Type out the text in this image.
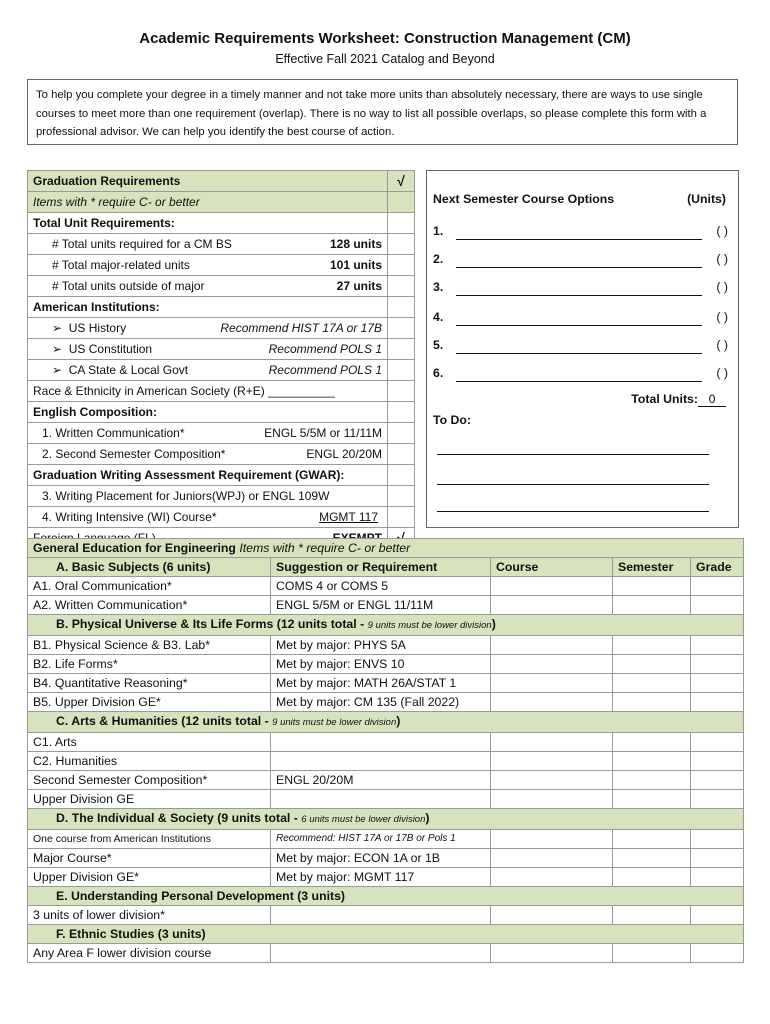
Academic Requirements Worksheet: Construction Management (CM)
Effective Fall 2021 Catalog and Beyond
To help you complete your degree in a timely manner and not take more units than absolutely necessary, there are ways to use single courses to meet more than one requirement (overlap). There is no way to list all possible overlaps, so please complete this form with a professional advisor. We can help you identify the best course of action.
Graduation Requirements	√
Items with * require C- or better	
Total Unit Requirements:	

# Total units required for a CM BS 128 units	

# Total major-related units 101 units	

# Total units outside of major 27 units	

American Institutions:	

➢  US History Recommend HIST 17A or 17B	

➢  US Constitution Recommend POLS 1	

➢  CA State & Local Govt Recommend POLS 1	

Race & Ethnicity in American Society (R+E) __________	
English Composition:	

1. Written Communication* ENGL 5/5M or 11/11M	

2. Second Semester Composition* ENGL 20/20M	

Graduation Writing Assessment Requirement (GWAR):	
3. Writing Placement for Juniors(WPJ) or ENGL 109W	

4. Writing Intensive (WI) Course* MGMT 117	

Foreign Language (FL) EXEMPT	√
Next Semester Course Options	(Units)
1.	( )
2.	( )
3.	( )
4.	( )
5.	( )
6.	( )
Total Units: 0
To Do:
General Education for Engineering Items with * require C- or better				
A. Basic Subjects (6 units)	Suggestion or Requirement	Course	Semester	Grade
A1. Oral Communication*	COMS 4 or COMS 5			
A2. Written Communication*	ENGL 5/5M or ENGL 11/11M			
B. Physical Universe & Its Life Forms (12 units total - 9 units must be lower division)				
B1. Physical Science & B3. Lab*	Met by major: PHYS 5A			
B2. Life Forms*	Met by major: ENVS 10			
B4. Quantitative Reasoning*	Met by major: MATH 26A/STAT 1			
B5. Upper Division GE*	Met by major: CM 135 (Fall 2022)			
C. Arts & Humanities (12 units total - 9 units must be lower division)				
C1. Arts				
C2. Humanities				
Second Semester Composition*	ENGL 20/20M			
Upper Division GE				
D. The Individual & Society (9 units total - 6 units must be lower division)				
One course from American Institutions	Recommend: HIST 17A or 17B or Pols 1			
Major Course*	Met by major: ECON 1A or 1B			
Upper Division GE*	Met by major: MGMT 117			
E. Understanding Personal Development (3 units)				
3 units of lower division*				
F. Ethnic Studies (3 units)				
Any Area F lower division course				
